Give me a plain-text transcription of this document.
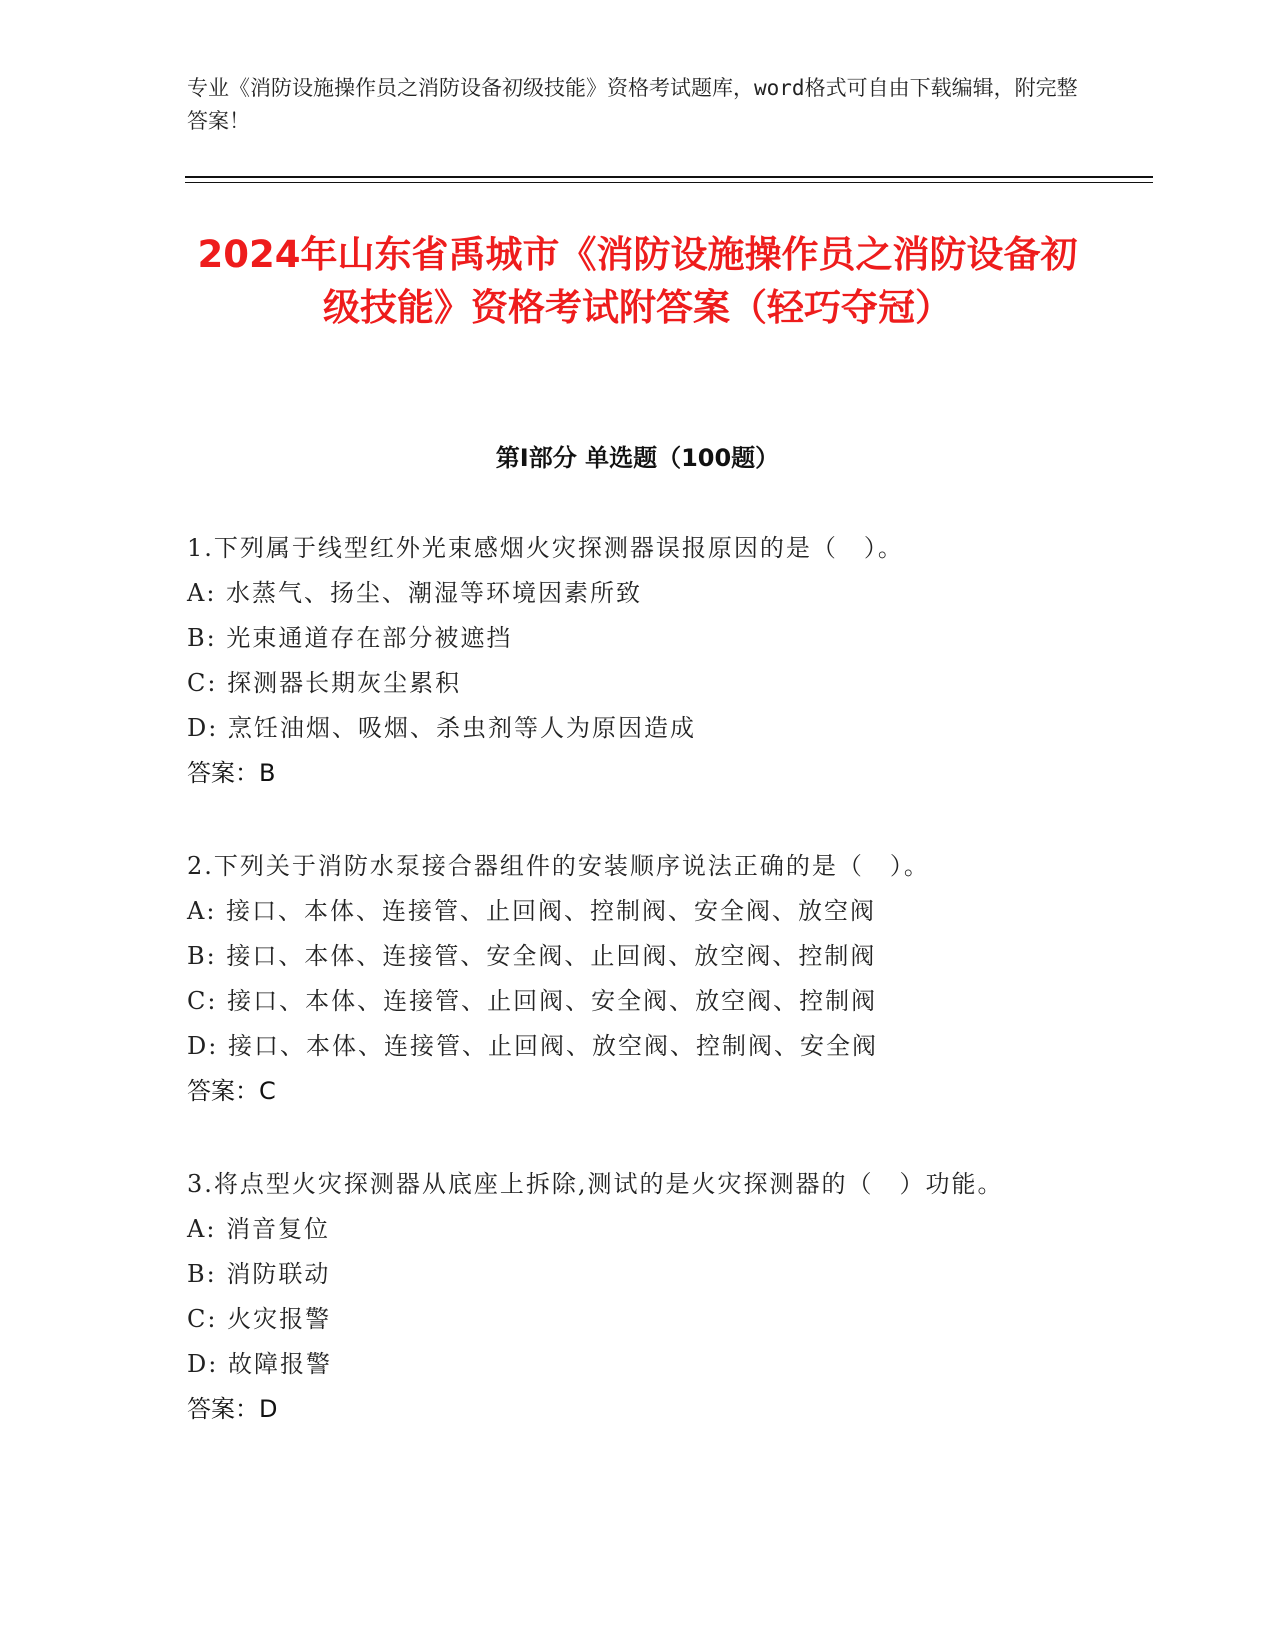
专业《消防设施操作员之消防设备初级技能》资格考试题库，word格式可自由下载编辑，附完整答案！
2024年山东省禹城市《消防设施操作员之消防设备初级技能》资格考试附答案（轻巧夺冠）
第Ⅰ部分 单选题（100题）
1.下列属于线型红外光束感烟火灾探测器误报原因的是（　）。
A: 水蒸气、扬尘、潮湿等环境因素所致
B: 光束通道存在部分被遮挡
C: 探测器长期灰尘累积
D: 烹饪油烟、吸烟、杀虫剂等人为原因造成
答案：B
2.下列关于消防水泵接合器组件的安装顺序说法正确的是（　）。
A: 接口、本体、连接管、止回阀、控制阀、安全阀、放空阀
B: 接口、本体、连接管、安全阀、止回阀、放空阀、控制阀
C: 接口、本体、连接管、止回阀、安全阀、放空阀、控制阀
D: 接口、本体、连接管、止回阀、放空阀、控制阀、安全阀
答案：C
3.将点型火灾探测器从底座上拆除,测试的是火灾探测器的（　）功能。
A: 消音复位
B: 消防联动
C: 火灾报警
D: 故障报警
答案：D
